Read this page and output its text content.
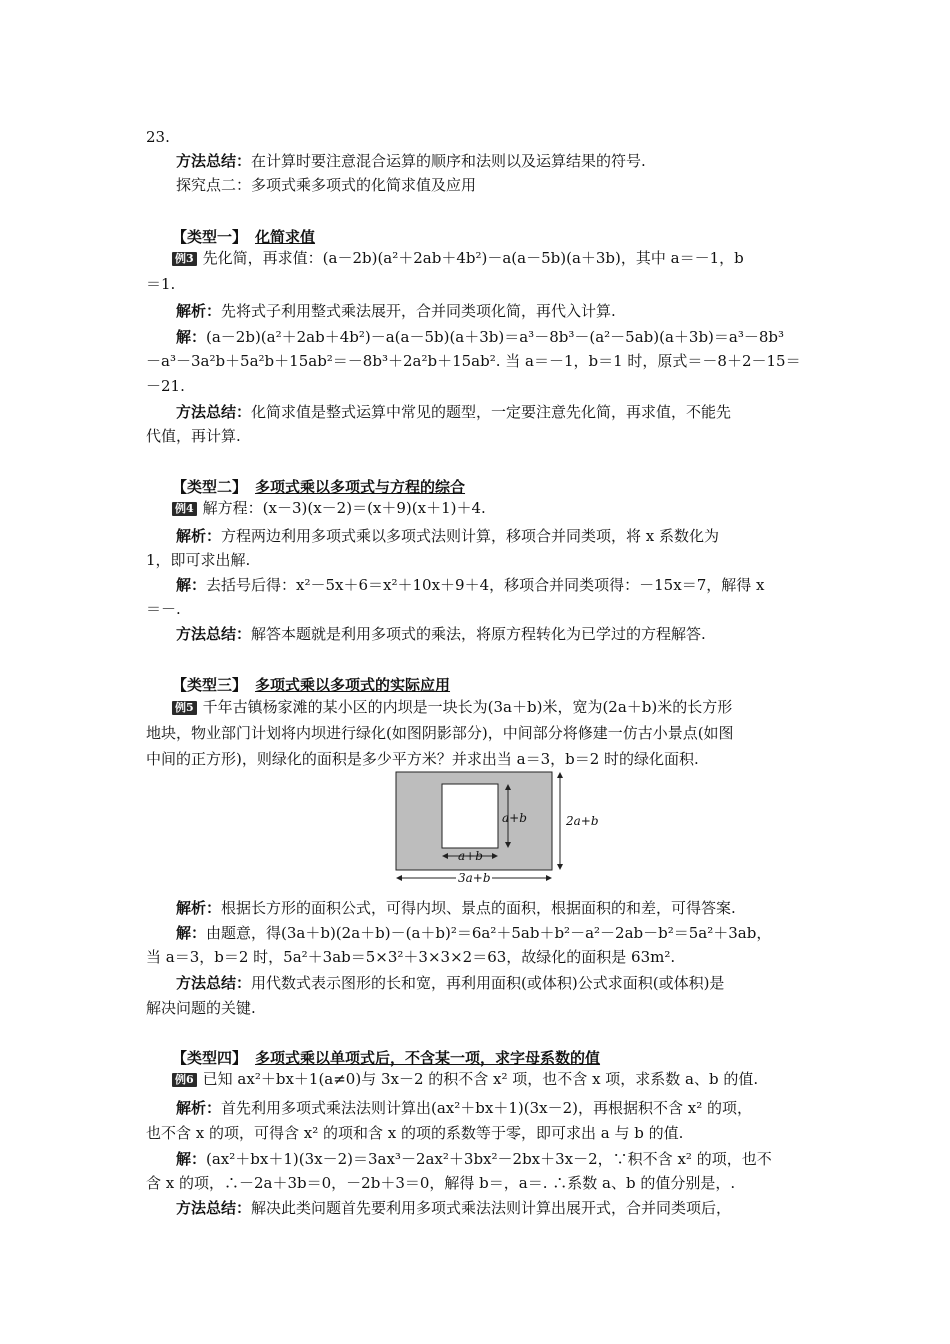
23.
方法总结：在计算时要注意混合运算的顺序和法则以及运算结果的符号.
探究点二：多项式乘多项式的化简求值及应用
【类型一】 化简求值
例3 先化简，再求值：(a－2b)(a²＋2ab＋4b²)－a(a－5b)(a＋3b)，其中 a＝－1，b
＝1.
解析：先将式子利用整式乘法展开，合并同类项化简，再代入计算.
解：(a－2b)(a²＋2ab＋4b²)－a(a－5b)(a＋3b)＝a³－8b³－(a²－5ab)(a＋3b)＝a³－8b³
－a³－3a²b＋5a²b＋15ab²＝－8b³＋2a²b＋15ab². 当 a＝－1，b＝1 时，原式＝－8＋2－15＝
－21.
方法总结：化简求值是整式运算中常见的题型，一定要注意先化简，再求值，不能先
代值，再计算.
【类型二】 多项式乘以多项式与方程的综合
例4 解方程：(x－3)(x－2)＝(x＋9)(x＋1)＋4.
解析：方程两边利用多项式乘以多项式法则计算，移项合并同类项，将 x 系数化为
1，即可求出解.
解：去括号后得：x²－5x＋6＝x²＋10x＋9＋4，移项合并同类项得：－15x＝7，解得 x
＝－.
方法总结：解答本题就是利用多项式的乘法，将原方程转化为已学过的方程解答.
【类型三】 多项式乘以多项式的实际应用
例5 千年古镇杨家滩的某小区的内坝是一块长为(3a＋b)米，宽为(2a＋b)米的长方形
地块，物业部门计划将内坝进行绿化(如图阴影部分)，中间部分将修建一仿古小景点(如图
中间的正方形)，则绿化的面积是多少平方米？并求出当 a＝3，b＝2 时的绿化面积.
a+b
a+b
3a+b
2a+b
解析：根据长方形的面积公式，可得内坝、景点的面积，根据面积的和差，可得答案.
解：由题意，得(3a＋b)(2a＋b)－(a＋b)²＝6a²＋5ab＋b²－a²－2ab－b²＝5a²＋3ab，
当 a＝3，b＝2 时，5a²＋3ab＝5×3²＋3×3×2＝63，故绿化的面积是 63m².
方法总结：用代数式表示图形的长和宽，再利用面积(或体积)公式求面积(或体积)是
解决问题的关键.
【类型四】 多项式乘以单项式后，不含某一项，求字母系数的值
例6 已知 ax²＋bx＋1(a≠0)与 3x－2 的积不含 x² 项，也不含 x 项，求系数 a、b 的值.
解析：首先利用多项式乘法法则计算出(ax²＋bx＋1)(3x－2)，再根据积不含 x² 的项，
也不含 x 的项，可得含 x² 的项和含 x 的项的系数等于零，即可求出 a 与 b 的值.
解：(ax²＋bx＋1)(3x－2)＝3ax³－2ax²＋3bx²－2bx＋3x－2，∵积不含 x² 的项，也不
含 x 的项，∴－2a＋3b＝0，－2b＋3＝0，解得 b＝，a＝. ∴系数 a、b 的值分别是，.
方法总结：解决此类问题首先要利用多项式乘法法则计算出展开式，合并同类项后，
